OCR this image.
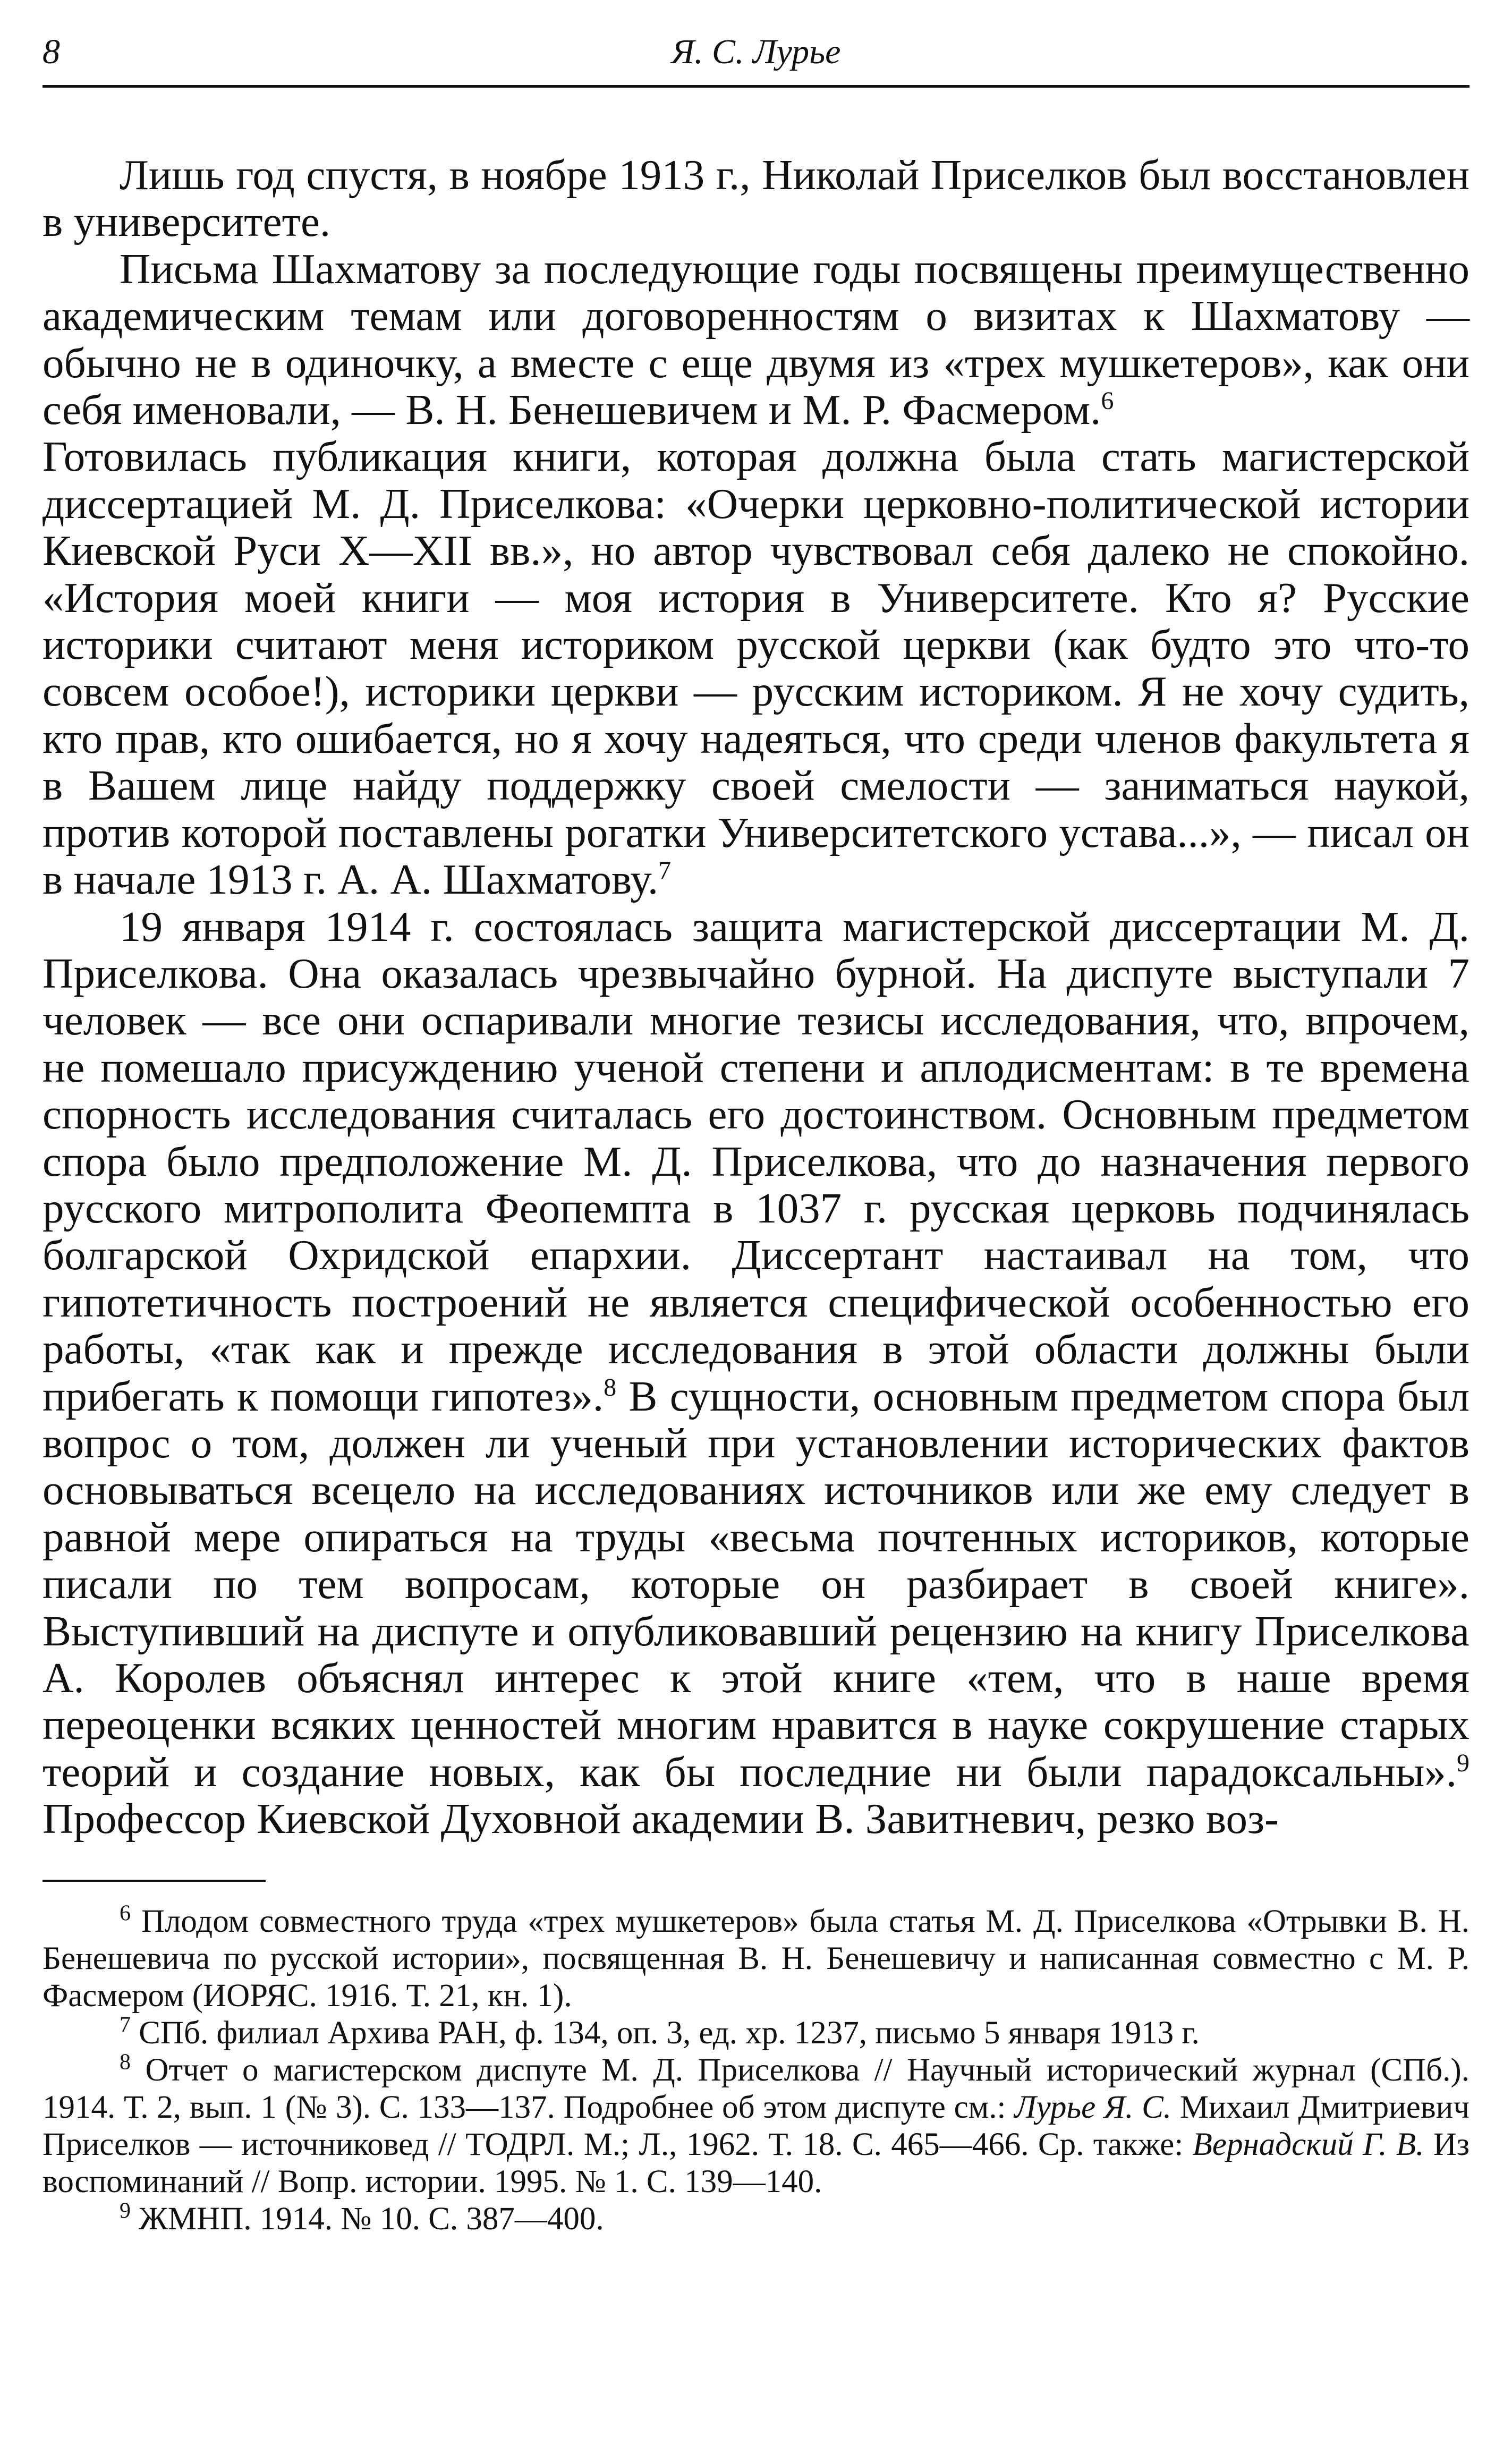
8	Я. С. Лурье

Лишь год спустя, в ноябре 1913 г., Николай Приселков был восстановлен в университете.

Письма Шахматову за последующие годы посвящены преимущественно академическим темам или договоренностям о визитах к Шахматову — обычно не в одиночку, а вместе с еще двумя из «трех мушкетеров», как они себя именовали, — В. Н. Бенешевичем и М. Р. Фасмером.$^6$

Готовилась публикация книги, которая должна была стать магистерской диссертацией М. Д. Приселкова: «Очерки церковно-политической истории Киевской Руси X—XII вв.», но автор чувствовал себя далеко не спокойно. «История моей книги — моя история в Университете. Кто я? Русские историки считают меня историком русской церкви (как будто это что-то совсем особое!), историки церкви — русским историком. Я не хочу судить, кто прав, кто ошибается, но я хочу надеяться, что среди членов факультета я в Вашем лице найду поддержку своей смелости — заниматься наукой, против которой поставлены рогатки Университетского устава...», — писал он в начале 1913 г. А. А. Шахматову.$^7$

19 января 1914 г. состоялась защита магистерской диссертации М. Д. Приселкова. Она оказалась чрезвычайно бурной. На диспуте выступали 7 человек — все они оспаривали многие тезисы исследования, что, впрочем, не помешало присуждению ученой степени и аплодисментам: в те времена спорность исследования считалась его достоинством. Основным предметом спора было предположение М. Д. Приселкова, что до назначения первого русского митрополита Феопемпта в 1037 г. русская церковь подчинялась болгарской Охридской епархии. Диссертант настаивал на том, что гипотетичность построений не является специфической особенностью его работы, «так как и прежде исследования в этой области должны были прибегать к помощи гипотез».$^8$ В сущности, основным предметом спора был вопрос о том, должен ли ученый при установлении исторических фактов основываться всецело на исследованиях источников или же ему следует в равной мере опираться на труды «весьма почтенных историков, которые писали по тем вопросам, которые он разбирает в своей книге». Выступивший на диспуте и опубликовавший рецензию на книгу Приселкова А. Королев объяснял интерес к этой книге «тем, что в наше время переоценки всяких ценностей многим нравится в науке сокрушение старых теорий и создание новых, как бы последние ни были парадоксальны».$^9$ Профессор Киевской Духовной академии В. Завитневич, резко воз-

$^6$ Плодом совместного труда «трех мушкетеров» была статья М. Д. Приселкова «Отрывки В. Н. Бенешевича по русской истории», посвященная В. Н. Бенешевичу и написанная совместно с М. Р. Фасмером (ИОРЯС. 1916. Т. 21, кн. 1).

$^7$ СПб. филиал Архива РАН, ф. 134, оп. 3, ед. хр. 1237, письмо 5 января 1913 г.

$^8$ Отчет о магистерском диспуте М. Д. Приселкова // Научный исторический журнал (СПб.). 1914. Т. 2, вып. 1 (№ 3). С. 133—137. Подробнее об этом диспуте см.: Лурье Я. С. Михаил Дмитриевич Приселков — источниковед // ТОДРЛ. М.; Л., 1962. Т. 18. С. 465—466. Ср. также: Вернадский Г. В. Из воспоминаний // Вопр. истории. 1995. № 1. С. 139—140.

$^9$ ЖМНП. 1914. № 10. С. 387—400.
